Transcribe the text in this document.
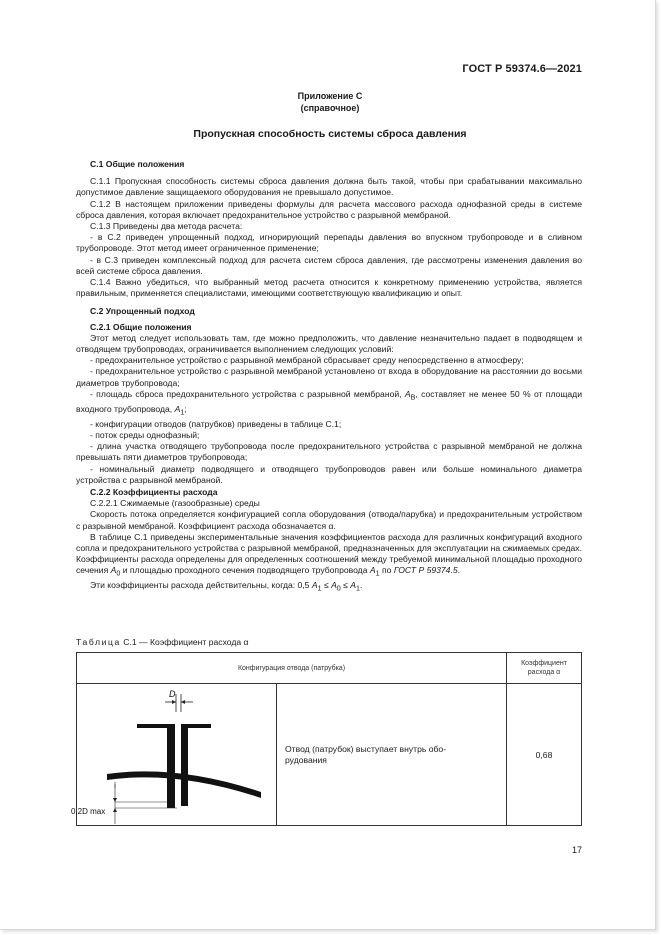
ГОСТ Р 59374.6—2021
Приложение С
(справочное)
Пропускная способность системы сброса давления

С.1 Общие положения

С.1.1 Пропускная способность системы сброса давления должна быть такой, чтобы при срабатывании максимально допустимое давление защищаемого оборудования не превышало допустимое.

С.1.2 В настоящем приложении приведены формулы для расчета массового расхода однофазной среды в системе сброса давления, которая включает предохранительное устройство с разрывной мембраной.

С.1.3 Приведены два метода расчета:

- в С.2 приведен упрощенный подход, игнорирующий перепады давления во впускном трубопроводе и в сливном трубопроводе. Этот метод имеет ограниченное применение;

- в С.3 приведен комплексный подход для расчета систем сброса давления, где рассмотрены изменения давления во всей системе сброса давления.

С.1.4 Важно убедиться, что выбранный метод расчета относится к конкретному применению устройства, является правильным, применяется специалистами, имеющими соответствующую квалификацию и опыт.

С.2 Упрощенный подход

С.2.1 Общие положения

Этот метод следует использовать там, где можно предположить, что давление незначительно падает в подводящем и отводящем трубопроводах, ограничивается выполнением следующих условий:

- предохранительное устройство с разрывной мембраной сбрасывает среду непосредственно в атмосферу;

- предохранительное устройство с разрывной мембраной установлено от входа в оборудование на расстоянии до восьми диаметров трубопровода;

- площадь сброса предохранительного устройства с разрывной мембраной, $A_B$, составляет не менее 50 % от площади входного трубопровода, $A_1$;

- конфигурации отводов (патрубков) приведены в таблице С.1;

- поток среды однофазный;

- длина участка отводящего трубопровода после предохранительного устройства с разрывной мембраной не должна превышать пяти диаметров трубопровода;

- номинальный диаметр подводящего и отводящего трубопроводов равен или больше номинального диаметра устройства с разрывной мембраной.

С.2.2 Коэффициенты расхода

С.2.2.1 Сжимаемые (газообразные) среды

Скорость потока определяется конфигурацией сопла оборудования (отвода/парубка) и предохранительным устройством с разрывной мембраной. Коэффициент расхода обозначается α.

В таблице С.1 приведены экспериментальные значения коэффициентов расхода для различных конфигураций входного сопла и предохранительного устройства с разрывной мембраной, предназначенных для эксплуатации на сжимаемых средах. Коэффициенты расхода определены для определенных соотношений между требуемой минимальной площадью проходного сечения $A_0$ и площадью проходного сечения подводящего трубопровода $A_1$ по ГОСТ Р 59374.5.

Эти коэффициенты расхода действительны, когда: 0,5 $A_1 \le A_0 \le A_1$.

Таблица С.1 — Коэффициент расхода α
Конфигурация отвода (патрубка)	Коэффициент
расхода α

D
0,2D max
Отвод (патрубок) выступает внутрь обо-
рудования	0,68
17
